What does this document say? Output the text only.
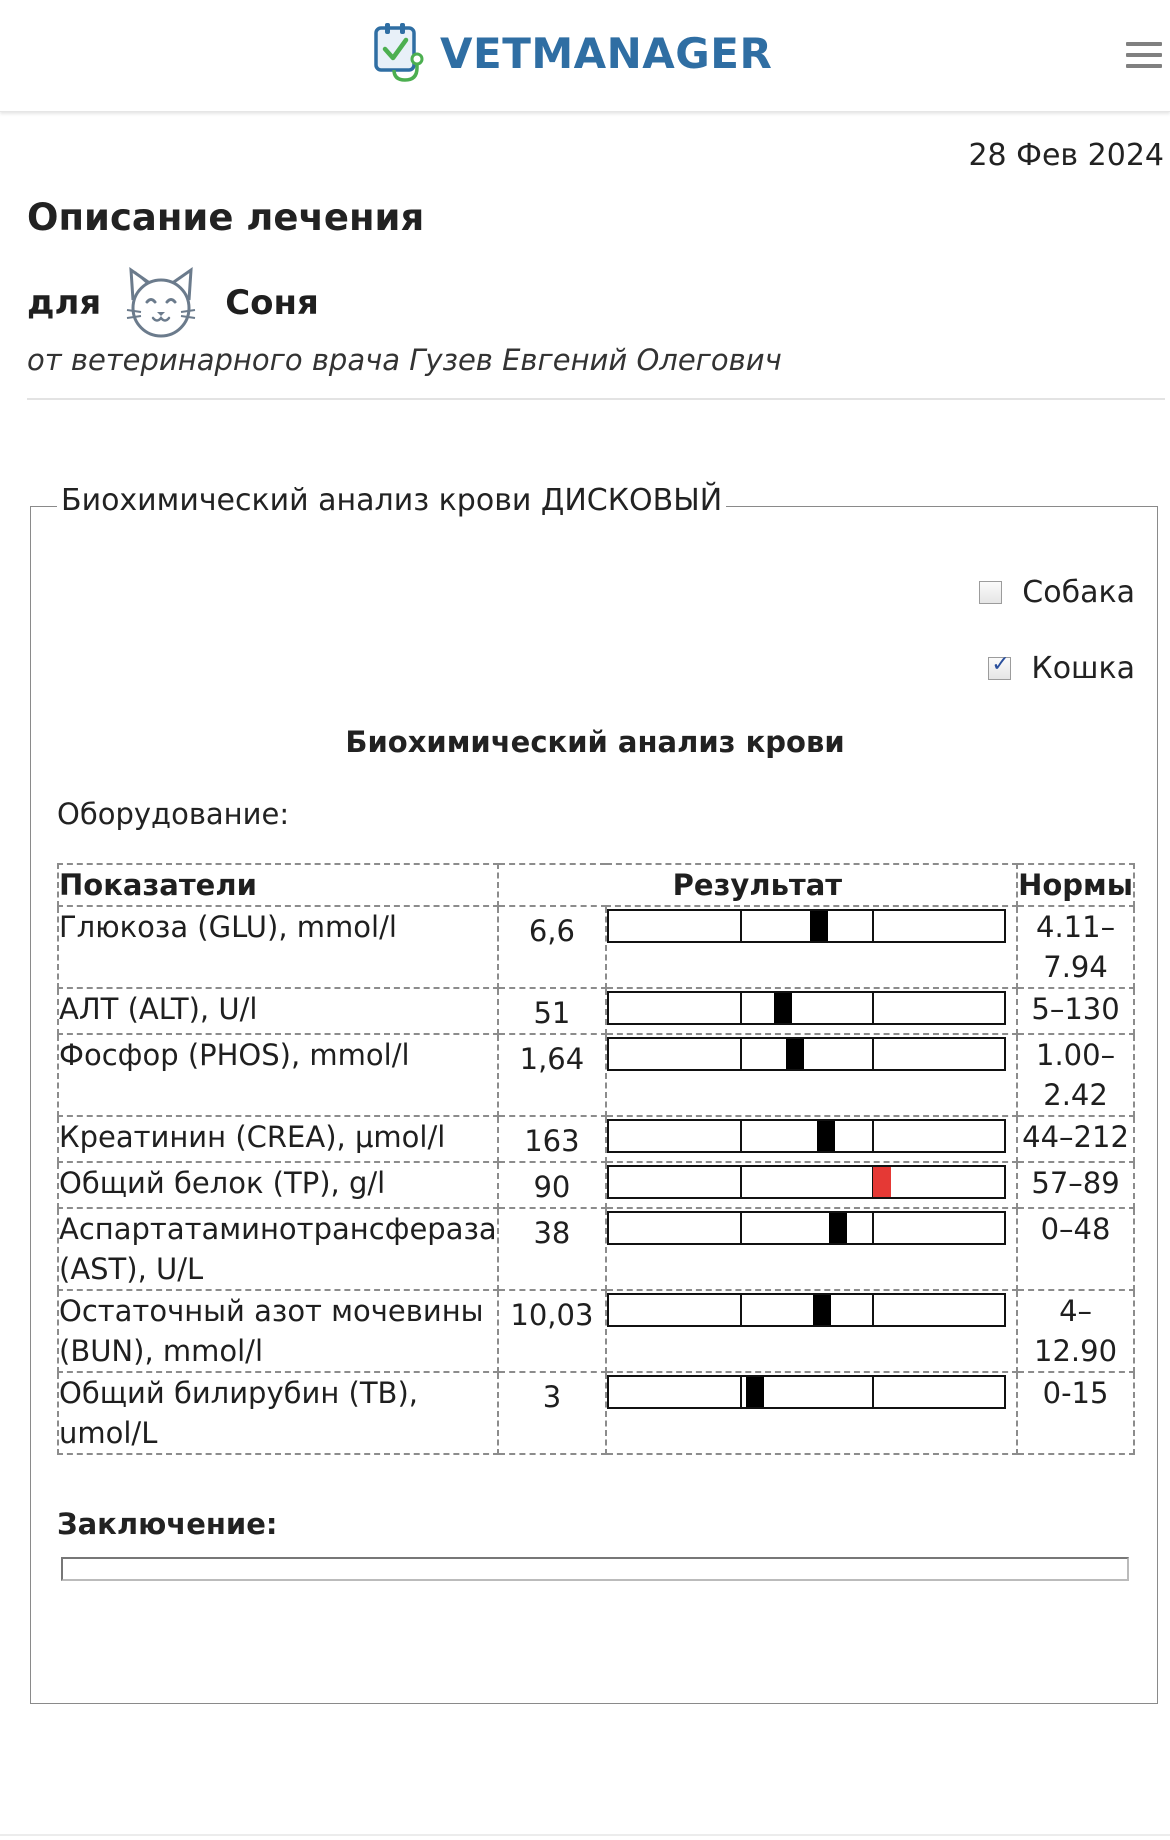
VETMANAGER
28 Фев 2024
Описание лечения
для	Соня
от ветеринарного врача Гузев Евгений Олегович
Биохимический анализ крови ДИСКОВЫЙ
Собака
✓
Кошка
Биохимический анализ крови
Оборудование:
Показатели	Результат		Нормы
Глюкоза (GLU), mmol/l	6,6		4.11–7.94
АЛТ (ALT), U/l	51		5–130
Фосфор (PHOS), mmol/l	1,64		1.00–2.42
Креатинин (CREA), μmol/l	163		44–212
Общий белок (TP), g/l	90		57–89
Аспартатаминотрансфераза (AST), U/L	38		0–48
Остаточный азот мочевины (BUN), mmol/l	10,03		4–12.90
Общий билирубин (TB), umol/L	3		0-15
Заключение:
